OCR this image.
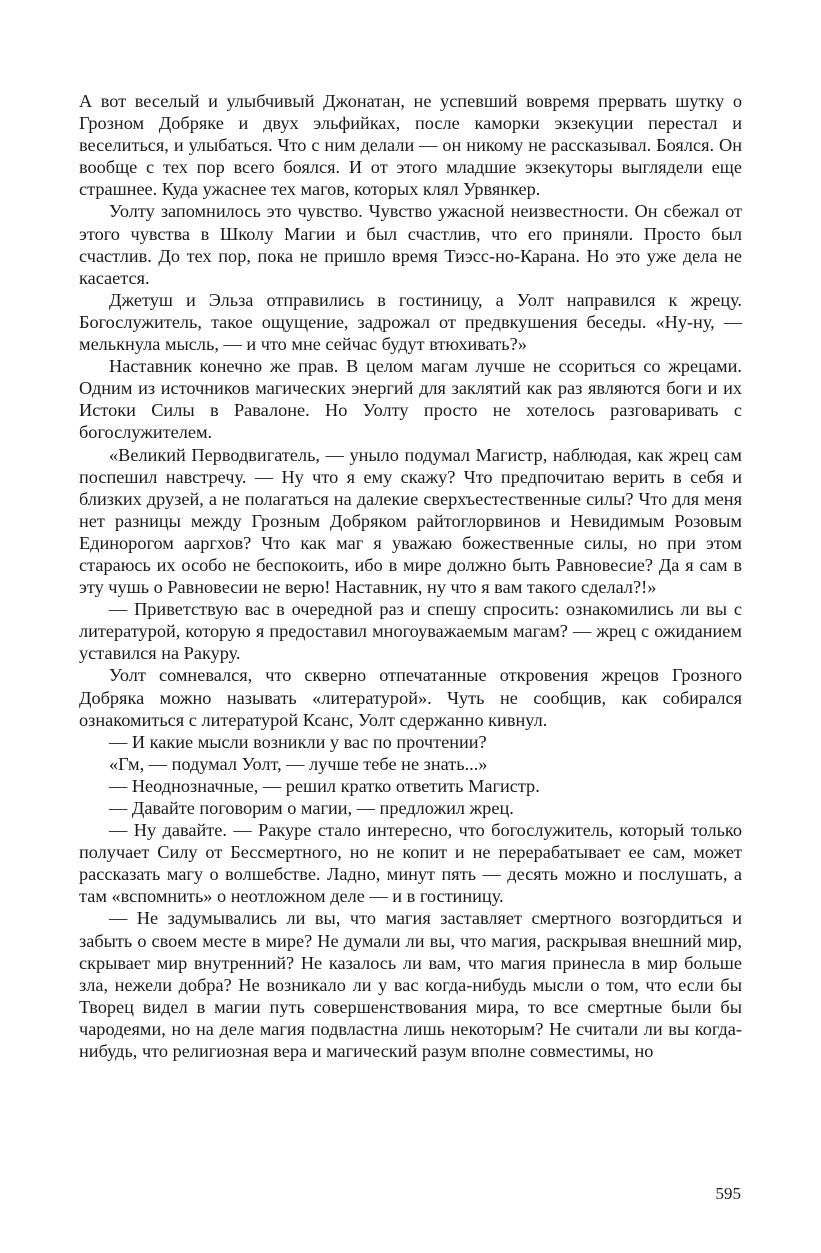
А вот веселый и улыбчивый Джонатан, не успевший вовремя прервать шутку о Грозном Добряке и двух эльфийках, после каморки экзекуции перестал и веселиться, и улыбаться. Что с ним делали — он никому не рассказывал. Боялся. Он вообще с тех пор всего боялся. И от этого младшие экзекуторы выглядели еще страшнее. Куда ужаснее тех магов, которых клял Урвянкер.

Уолту запомнилось это чувство. Чувство ужасной неизвестности. Он сбежал от этого чувства в Школу Магии и был счастлив, что его приняли. Просто был счастлив. До тех пор, пока не пришло время Тиэсс-но-Карана. Но это уже дела не касается.

Джетуш и Эльза отправились в гостиницу, а Уолт направился к жрецу. Богослужитель, такое ощущение, задрожал от предвкушения беседы. «Ну-ну, — мелькнула мысль, — и что мне сейчас будут втюхивать?»

Наставник конечно же прав. В целом магам лучше не ссориться со жрецами. Одним из источников магических энергий для заклятий как раз являются боги и их Истоки Силы в Равалоне. Но Уолту просто не хотелось разговаривать с богослужителем.

«Великий Перводвигатель, — уныло подумал Магистр, наблюдая, как жрец сам поспешил навстречу. — Ну что я ему скажу? Что предпочитаю верить в себя и близких друзей, а не полагаться на далекие сверхъестественные силы? Что для меня нет разницы между Грозным Добряком райтоглорвинов и Невидимым Розовым Единорогом ааргхов? Что как маг я уважаю божественные силы, но при этом стараюсь их особо не беспокоить, ибо в мире должно быть Равновесие? Да я сам в эту чушь о Равновесии не верю! Наставник, ну что я вам такого сделал?!»

— Приветствую вас в очередной раз и спешу спросить: ознакомились ли вы с литературой, которую я предоставил многоуважаемым магам? — жрец с ожиданием уставился на Ракуру.

Уолт сомневался, что скверно отпечатанные откровения жрецов Грозного Добряка можно называть «литературой». Чуть не сообщив, как собирался ознакомиться с литературой Ксанс, Уолт сдержанно кивнул.

— И какие мысли возникли у вас по прочтении?

«Гм, — подумал Уолт, — лучше тебе не знать...»

— Неоднозначные, — решил кратко ответить Магистр.

— Давайте поговорим о магии, — предложил жрец.

— Ну давайте. — Ракуре стало интересно, что богослужитель, который только получает Силу от Бессмертного, но не копит и не перерабатывает ее сам, может рассказать магу о волшебстве. Ладно, минут пять — десять можно и послушать, а там «вспомнить» о неотложном деле — и в гостиницу.

— Не задумывались ли вы, что магия заставляет смертного возгордиться и забыть о своем месте в мире? Не думали ли вы, что магия, раскрывая внешний мир, скрывает мир внутренний? Не казалось ли вам, что магия принесла в мир больше зла, нежели добра? Не возникало ли у вас когда-нибудь мысли о том, что если бы Творец видел в магии путь совершенствования мира, то все смертные были бы чародеями, но на деле магия подвластна лишь некоторым? Не считали ли вы когда-нибудь, что религиозная вера и магический разум вполне совместимы, но

595
